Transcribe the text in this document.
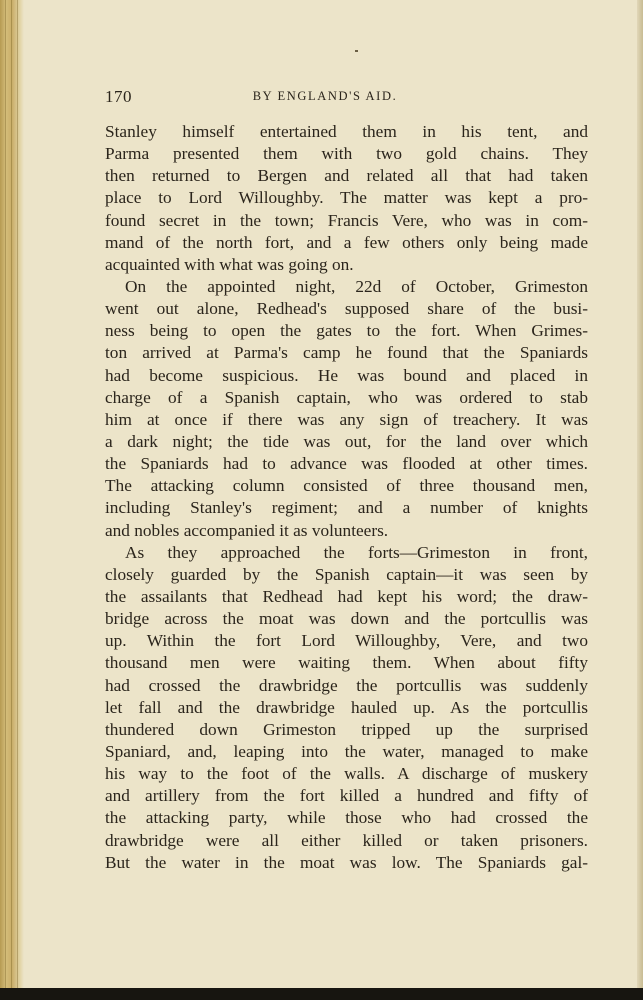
170	BY ENGLAND'S AID.
Stanley himself entertained them in his tent, and
Parma presented them with two gold chains. They
then returned to Bergen and related all that had taken
place to Lord Willoughby. The matter was kept a pro-
found secret in the town; Francis Vere, who was in com-
mand of the north fort, and a few others only being made
acquainted with what was going on.
On the appointed night, 22d of October, Grimeston
went out alone, Redhead's supposed share of the busi-
ness being to open the gates to the fort. When Grimes-
ton arrived at Parma's camp he found that the Spaniards
had become suspicious. He was bound and placed in
charge of a Spanish captain, who was ordered to stab
him at once if there was any sign of treachery. It was
a dark night; the tide was out, for the land over which
the Spaniards had to advance was flooded at other times.
The attacking column consisted of three thousand men,
including Stanley's regiment; and a number of knights
and nobles accompanied it as volunteers.
As they approached the forts—Grimeston in front,
closely guarded by the Spanish captain—it was seen by
the assailants that Redhead had kept his word; the draw-
bridge across the moat was down and the portcullis was
up. Within the fort Lord Willoughby, Vere, and two
thousand men were waiting them. When about fifty
had crossed the drawbridge the portcullis was suddenly
let fall and the drawbridge hauled up. As the portcullis
thundered down Grimeston tripped up the surprised
Spaniard, and, leaping into the water, managed to make
his way to the foot of the walls. A discharge of muskery
and artillery from the fort killed a hundred and fifty of
the attacking party, while those who had crossed the
drawbridge were all either killed or taken prisoners.
But the water in the moat was low. The Spaniards gal-
